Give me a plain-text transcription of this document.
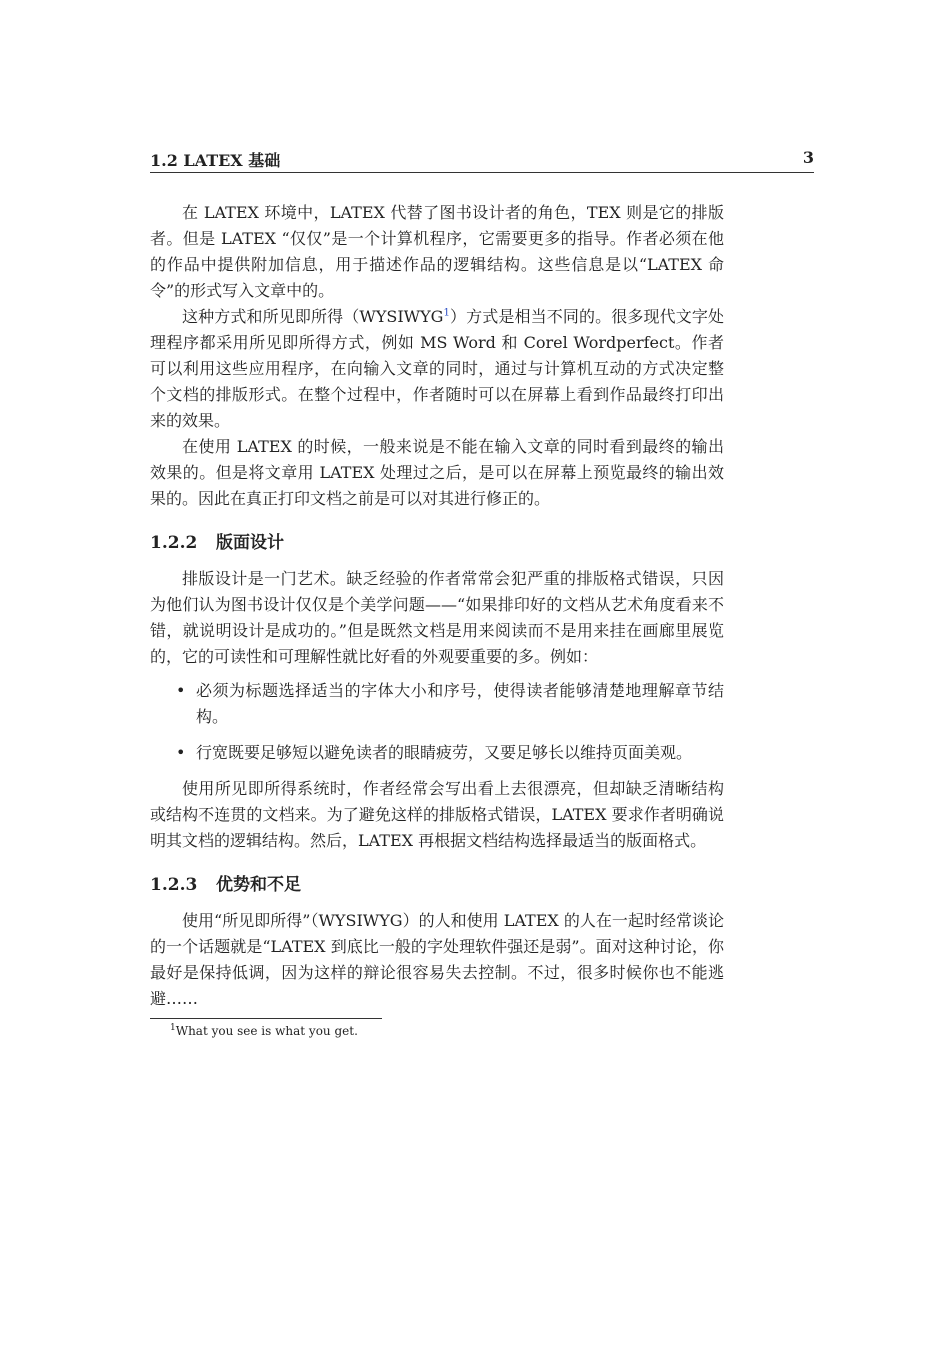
1.2 LATEX 基础	3

在 LATEX 环境中，LATEX 代替了图书设计者的角色，TEX 则是它的排版者。但是 LATEX “仅仅”是一个计算机程序，它需要更多的指导。作者必须在他的作品中提供附加信息，用于描述作品的逻辑结构。这些信息是以“LATEX 命令”的形式写入文章中的。

这种方式和所见即所得（WYSIWYG$^1$）方式是相当不同的。很多现代文字处理程序都采用所见即所得方式，例如 MS Word 和 Corel Wordperfect。作者可以利用这些应用程序，在向输入文章的同时，通过与计算机互动的方式决定整个文档的排版形式。在整个过程中，作者随时可以在屏幕上看到作品最终打印出来的效果。

在使用 LATEX 的时候，一般来说是不能在输入文章的同时看到最终的输出效果的。但是将文章用 LATEX 处理过之后，是可以在屏幕上预览最终的输出效果的。因此在真正打印文档之前是可以对其进行修正的。

1.2.2 版面设计

排版设计是一门艺术。缺乏经验的作者常常会犯严重的排版格式错误，只因为他们认为图书设计仅仅是个美学问题——“如果排印好的文档从艺术角度看来不错，就说明设计是成功的。”但是既然文档是用来阅读而不是用来挂在画廊里展览的，它的可读性和可理解性就比好看的外观要重要的多。例如：

• 必须为标题选择适当的字体大小和序号，使得读者能够清楚地理解章节结构。
• 行宽既要足够短以避免读者的眼睛疲劳，又要足够长以维持页面美观。

使用所见即所得系统时，作者经常会写出看上去很漂亮，但却缺乏清晰结构或结构不连贯的文档来。为了避免这样的排版格式错误，LATEX 要求作者明确说明其文档的逻辑结构。然后，LATEX 再根据文档结构选择最适当的版面格式。

1.2.3 优势和不足

使用“所见即所得”（WYSIWYG）的人和使用 LATEX 的人在一起时经常谈论的一个话题就是“LATEX 到底比一般的字处理软件强还是弱”。面对这种讨论，你最好是保持低调，因为这样的辩论很容易失去控制。不过，很多时候你也不能逃避……

$^1$What you see is what you get.
